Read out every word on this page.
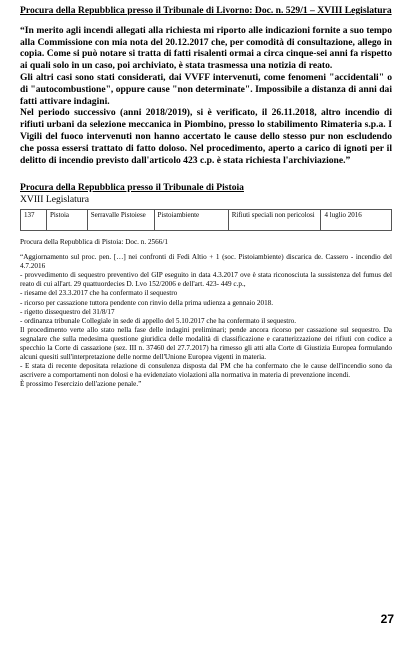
Procura della Repubblica presso il Tribunale di Livorno: Doc. n. 529/1 – XVIII Legislatura

“In merito agli incendi allegati alla richiesta mi riporto alle indicazioni fornite a suo tempo alla Commissione con mia nota del 20.12.2017 che, per comodità di consultazione, allego in copia. Come si può notare si tratta di fatti risalenti ormai a circa cinque-sei anni fa rispetto ai quali solo in un caso, poi archiviato, è stata trasmessa una notizia di reato.

Gli altri casi sono stati considerati, dai VVFF intervenuti, come fenomeni "accidentali" o di "autocombustione", oppure cause "non determinate". Impossibile a distanza di anni dai fatti attivare indagini.

Nel periodo successivo (anni 2018/2019), si è verificato, il 26.11.2018, altro incendio di rifiuti urbani da selezione meccanica in Piombino, presso lo stabilimento Rimateria s.p.a. I Vigili del fuoco intervenuti non hanno accertato le cause dello stesso pur non escludendo che possa essersi trattato di fatto doloso. Nel procedimento, aperto a carico di ignoti per il delitto di incendio previsto dall'articolo 423 c.p. è stata richiesta l'archiviazione.”

Procura della Repubblica presso il Tribunale di Pistoia

XVIII Legislatura

137	Pistoia	Serravalle Pistoiese	Pistoiambiente	Rifiuti speciali non pericolosi	4 luglio 2016

Procura della Repubblica di Pistoia: Doc. n. 2566/1

“Aggiornamento sul proc. pen. […] nei confronti di Fedi Altio + 1 (soc. Pistoiambiente) discarica de. Cassero - incendio del 4.7.2016

- provvedimento di sequestro preventivo del GIP eseguito in data 4.3.2017 ove è stata riconosciuta la sussistenza del fumus del reato di cui all'art. 29 quattuordecies D. Lvo 152/2006 e dell'art. 423- 449 c.p.,

- riesame del 23.3.2017 che ha confermato il sequestro

- ricorso per cassazione tuttora pendente con rinvio della prima udienza a gennaio 2018.

- rigetto dissequestro del 31/8/17

- ordinanza tribunale Collegiale in sede di appello del 5.10.2017 che ha confermato il sequestro.

Il procedimento verte allo stato nella fase delle indagini preliminari; pende ancora ricorso per cassazione sul sequestro. Da segnalare che sulla medesima questione giuridica delle modalità di classificazione e caratterizzazione dei rifiuti con codice a specchio la Corte di cassazione (sez. III n. 37460 del 27.7.2017) ha rimesso gli atti alla Corte di Giustizia Europea formulando alcuni quesiti sull'interpretazione delle norme dell'Unione Europea vigenti in materia.

- E stata di recente depositata relazione di consulenza disposta dal PM che ha confermato che le cause dell'incendio sono da ascrivere a comportamenti non dolosi e ha evidenziato violazioni alla normativa in materia di prevenzione incendi.

È prossimo l'esercizio dell'azione penale.”

27
